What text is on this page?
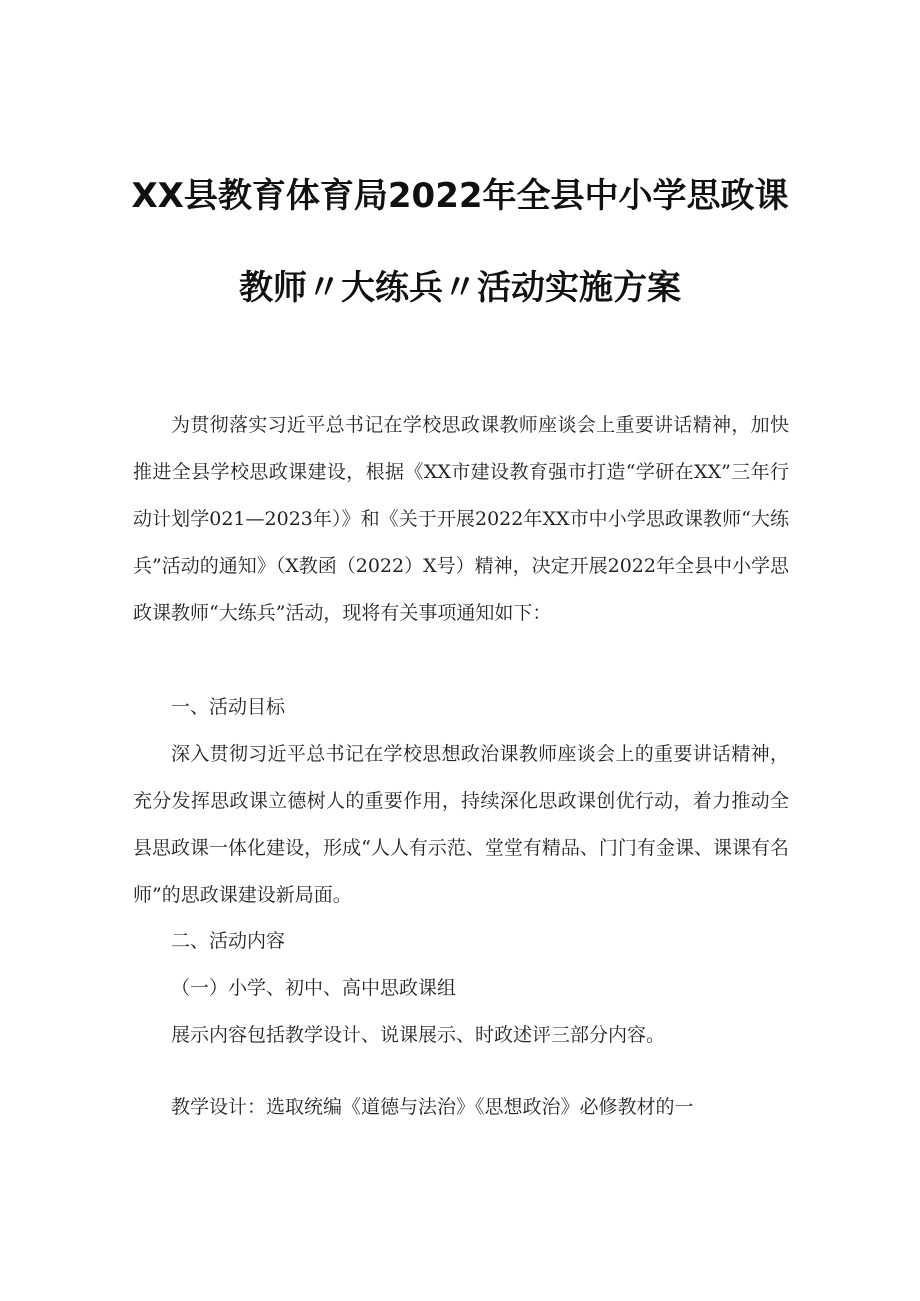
XX县教育体育局2022年全县中小学思政课
教师〃大练兵〃活动实施方案

为贯彻落实习近平总书记在学校思政课教师座谈会上重要讲话精神，加快推进全县学校思政课建设，根据《XX市建设教育强市打造“学研在XX”三年行动计划学021—2023年）》和《关于开展2022年XX市中小学思政课教师“大练兵”活动的通知》（X教函（2022）X号）精神，决定开展2022年全县中小学思政课教师“大练兵”活动，现将有关事项通知如下：

一、活动目标

深入贯彻习近平总书记在学校思想政治课教师座谈会上的重要讲话精神，充分发挥思政课立德树人的重要作用，持续深化思政课创优行动，着力推动全县思政课一体化建设，形成“人人有示范、堂堂有精品、门门有金课、课课有名师”的思政课建设新局面。

二、活动内容

（一）小学、初中、高中思政课组

展示内容包括教学设计、说课展示、时政述评三部分内容。

教学设计：选取统编《道德与法治》《思想政治》必修教材的一
